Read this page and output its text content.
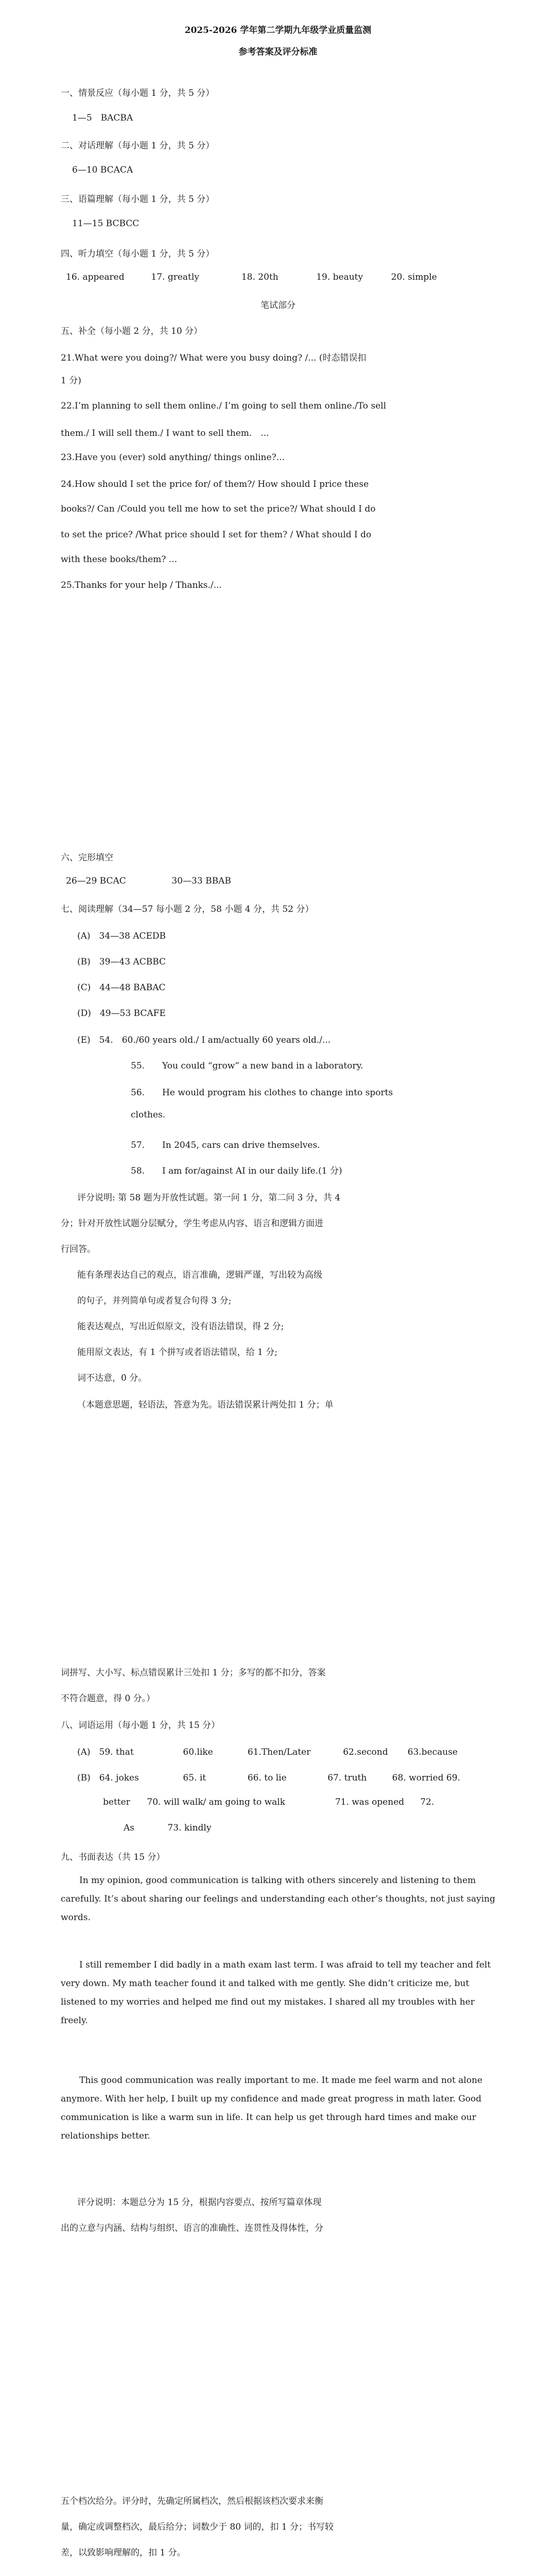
2025-2026 学年第二学期九年级学业质量监测
参考答案及评分标准
一、情景反应（每小题 1 分，共 5 分）
1—5　BACBA
二、对话理解（每小题 1 分，共 5 分）
6—10 BCACA
三、语篇理解（每小题 1 分，共 5 分）
11—15 BCBCC
四、听力填空（每小题 1 分，共 5 分）
16. appeared	17. greatly	18. 20th	19. beauty	20. simple
笔试部分
五、补全（每小题 2 分，共 10 分）
21.What were you doing?/ What were you busy doing? /... (时态错误扣
1 分)
22.I’m planning to sell them online./ I’m going to sell them online./To sell
them./ I will sell them./ I want to sell them.　...
23.Have you (ever) sold anything/ things online?...
24.How should I set the price for/ of them?/ How should I price these
books?/ Can /Could you tell me how to set the price?/ What should I do
to set the price? /What price should I set for them? / What should I do
with these books/them? ...
25.Thanks for your help / Thanks./...
六、完形填空
26—29 BCAC	30—33 BBAB
七、阅读理解（34—57 每小题 2 分，58 小题 4 分，共 52 分）
(A)　34—38 ACEDB
(B)　39—43 ACBBC
(C)　44—48 BABAC
(D)　49—53 BCAFE
(E)　54.　60./60 years old./ I am/actually 60 years old./...
55.　　You could “grow” a new band in a laboratory.
56.　　He would program his clothes to change into sports
clothes.
57.　　In 2045, cars can drive themselves.
58.　　I am for/against AI in our daily life.(1 分)
评分说明: 第 58 题为开放性试题。第一问 1 分，第二问 3 分，共 4
分；针对开放性试题分层赋分，学生考虑从内容、语言和逻辑方面进
行回答。
能有条理表达自己的观点，语言准确，逻辑严谨，写出较为高级
的句子，并列简单句或者复合句得 3 分;
能表达观点，写出近似原文，没有语法错误，得 2 分;
能用原文表达，有 1 个拼写或者语法错误，给 1 分;
词不达意，0 分。
（本题意思题，轻语法，答意为先。语法错误累计两处扣 1 分；单
词拼写、大小写、标点错误累计三处扣 1 分；多写的都不扣分，答案
不符合题意，得 0 分。）
八、词语运用（每小题 1 分，共 15 分）
(A)　59. that	60.like	61.Then/Later	62.second 63.because
(B)　64. jokes	65. it	66. to lie	67. truth	68. worried 69.
better 70. will walk/ am going to walk	71. was opened 72.
As	73. kindly
九、书面表达（共 15 分）
In my opinion, good communication is talking with others sincerely and listening to them carefully. It’s about sharing our feelings and understanding each other’s thoughts, not just saying words.
I still remember I did badly in a math exam last term. I was afraid to tell my teacher and felt very down. My math teacher found it and talked with me gently. She didn’t criticize me, but listened to my worries and helped me find out my mistakes. I shared all my troubles with her freely.
This good communication was really important to me. It made me feel warm and not alone anymore. With her help, I built up my confidence and made great progress in math later. Good communication is like a warm sun in life. It can help us get through hard times and make our relationships better.
评分说明：本题总分为 15 分，根据内容要点、按所写篇章体现
出的立意与内涵、结构与组织、语言的准确性、连贯性及得体性，分
五个档次给分。评分时，先确定所属档次，然后根据该档次要求来衡
量，确定或调整档次，最后给分；词数少于 80 词的，扣 1 分；书写较
差，以致影响理解的，扣 1 分。
